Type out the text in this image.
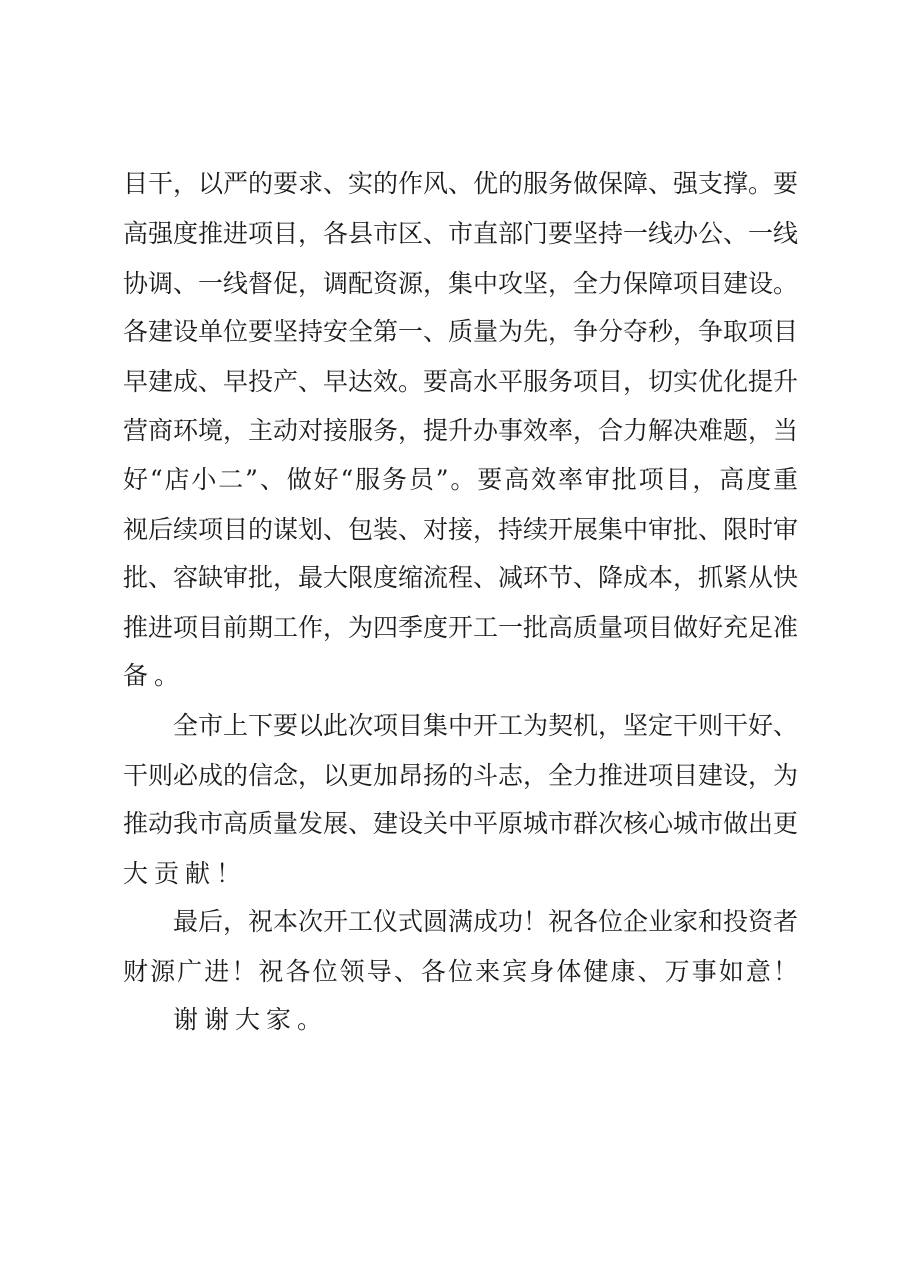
目干，以严的要求、实的作风、优的服务做保障、强支撑。要
高强度推进项目，各县市区、市直部门要坚持一线办公、一线
协调、一线督促，调配资源，集中攻坚，全力保障项目建设。
各建设单位要坚持安全第一、质量为先，争分夺秒，争取项目
早建成、早投产、早达效。要高水平服务项目，切实优化提升
营商环境，主动对接服务，提升办事效率，合力解决难题，当
好“店小二”、做好“服务员”。要高效率审批项目，高度重
视后续项目的谋划、包装、对接，持续开展集中审批、限时审
批、容缺审批，最大限度缩流程、减环节、降成本，抓紧从快
推进项目前期工作，为四季度开工一批高质量项目做好充足准
备。
全市上下要以此次项目集中开工为契机，坚定干则干好、
干则必成的信念，以更加昂扬的斗志，全力推进项目建设，为
推动我市高质量发展、建设关中平原城市群次核心城市做出更
大贡献！
最后，祝本次开工仪式圆满成功！祝各位企业家和投资者
财源广进！祝各位领导、各位来宾身体健康、万事如意！
谢谢大家。
